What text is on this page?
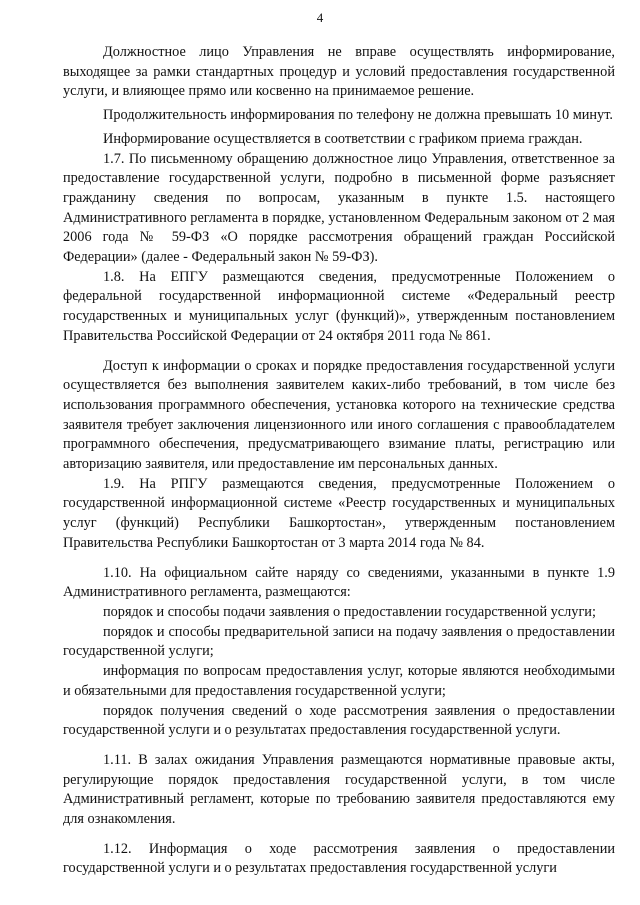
4

Должностное лицо Управления не вправе осуществлять информирование, выходящее за рамки стандартных процедур и условий предоставления государственной услуги, и влияющее прямо или косвенно на принимаемое решение.

Продолжительность информирования по телефону не должна превышать 10 минут.

Информирование осуществляется в соответствии с графиком приема граждан.

1.7. По письменному обращению должностное лицо Управления, ответственное за предоставление государственной услуги, подробно в письменной форме разъясняет гражданину сведения по вопросам, указанным в пункте 1.5. настоящего Административного регламента в порядке, установленном Федеральным законом от 2 мая 2006 года № 59-ФЗ «О порядке рассмотрения обращений граждан Российской Федерации» (далее - Федеральный закон № 59-ФЗ).

1.8. На ЕПГУ размещаются сведения, предусмотренные Положением о федеральной государственной информационной системе «Федеральный реестр государственных и муниципальных услуг (функций)», утвержденным постановлением Правительства Российской Федерации от 24 октября 2011 года № 861.

Доступ к информации о сроках и порядке предоставления государственной услуги осуществляется без выполнения заявителем каких-либо требований, в том числе без использования программного обеспечения, установка которого на технические средства заявителя требует заключения лицензионного или иного соглашения с правообладателем программного обеспечения, предусматривающего взимание платы, регистрацию или авторизацию заявителя, или предоставление им персональных данных.

1.9. На РПГУ размещаются сведения, предусмотренные Положением о государственной информационной системе «Реестр государственных и муниципальных услуг (функций) Республики Башкортостан», утвержденным постановлением Правительства Республики Башкортостан от 3 марта 2014 года № 84.

1.10. На официальном сайте наряду со сведениями, указанными в пункте 1.9 Административного регламента, размещаются:

порядок и способы подачи заявления о предоставлении государственной услуги;

порядок и способы предварительной записи на подачу заявления о предоставлении государственной услуги;

информация по вопросам предоставления услуг, которые являются необходимыми и обязательными для предоставления государственной услуги;

порядок получения сведений о ходе рассмотрения заявления о предоставлении государственной услуги и о результатах предоставления государственной услуги.

1.11. В залах ожидания Управления размещаются нормативные правовые акты, регулирующие порядок предоставления государственной услуги, в том числе Административный регламент, которые по требованию заявителя предоставляются ему для ознакомления.

1.12. Информация о ходе рассмотрения заявления о предоставлении государственной услуги и о результатах предоставления государственной услуги
